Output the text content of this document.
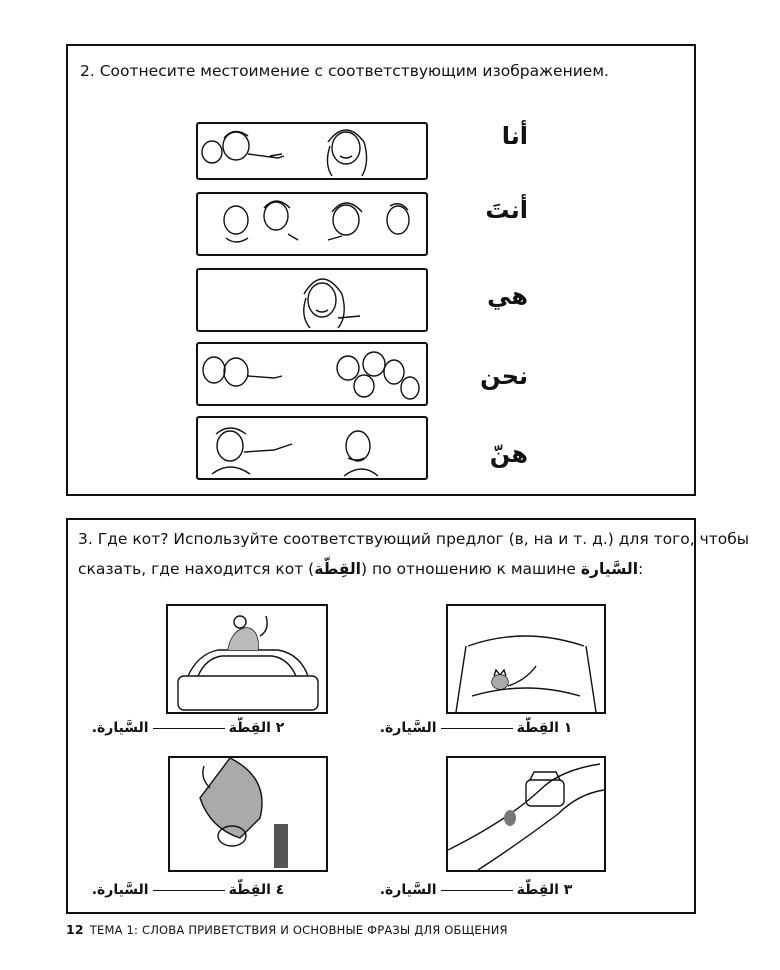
2. Соотнесите местоимение с соответствующим изображением.
أنا
أنتَ
هي
نحن
هنّ
3. Где кот? Используйте соответствующий предлог (в, на и т. д.) для того, чтобы
сказать, где находится кот (القِطّة) по отношению к машине السَّيارة:
٢ القِطّةالسَّيارة.	١ القِطّةالسَّيارة.
٤ القِطّةالسَّيارة.	٣ القِطّةالسَّيارة.
12 ТЕМА 1: СЛОВА ПРИВЕТСТВИЯ И ОСНОВНЫЕ ФРАЗЫ ДЛЯ ОБЩЕНИЯ
